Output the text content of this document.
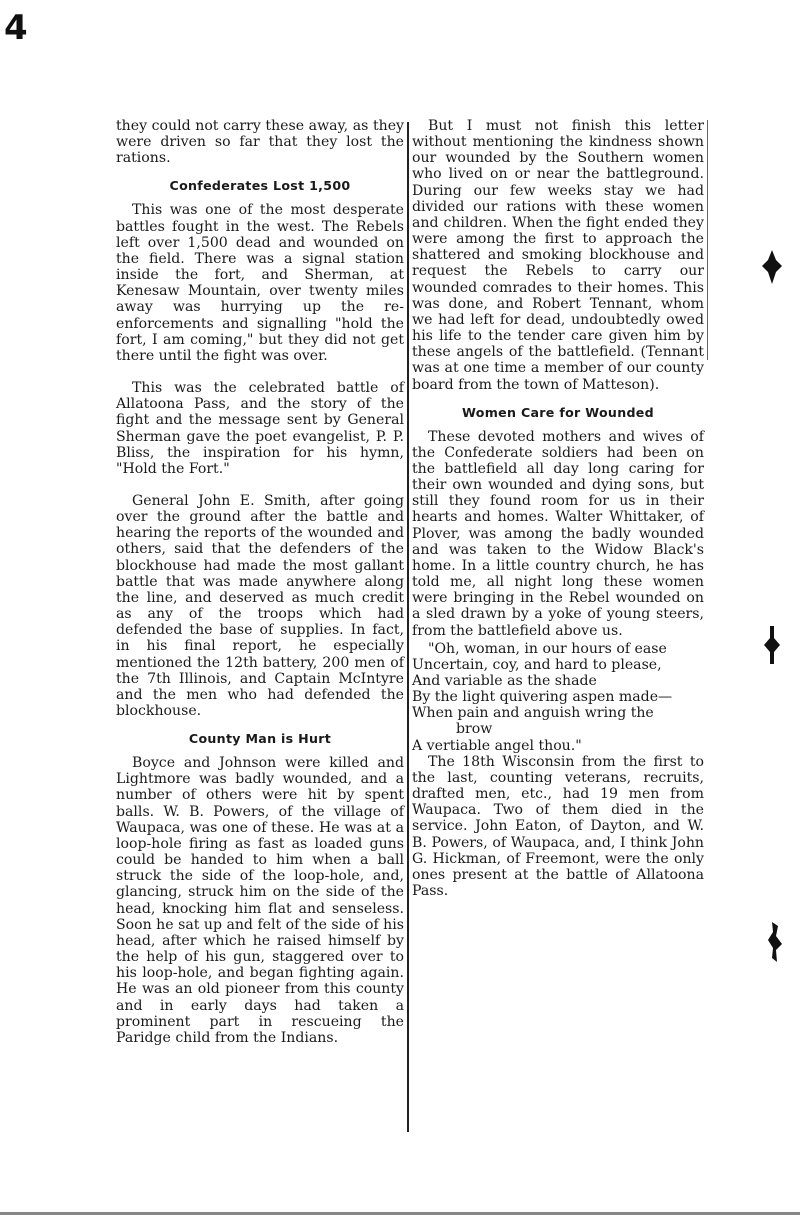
4

they could not carry these away, as they were driven so far that they lost the rations.

Confederates Lost 1,500

This was one of the most desperate battles fought in the west. The Rebels left over 1,500 dead and wounded on the field. There was a signal station inside the fort, and Sherman, at Kenesaw Mountain, over twenty miles away was hurrying up the re-enforcements and signalling "hold the fort, I am coming," but they did not get there until the fight was over.

This was the celebrated battle of Allatoona Pass, and the story of the fight and the message sent by General Sherman gave the poet evangelist, P. P. Bliss, the inspiration for his hymn, "Hold the Fort."

General John E. Smith, after going over the ground after the battle and hearing the reports of the wounded and others, said that the defenders of the blockhouse had made the most gallant battle that was made anywhere along the line, and deserved as much credit as any of the troops which had defended the base of supplies. In fact, in his final report, he especially mentioned the 12th battery, 200 men of the 7th Illinois, and Captain McIntyre and the men who had defended the blockhouse.

County Man is Hurt

Boyce and Johnson were killed and Lightmore was badly wounded, and a number of others were hit by spent balls. W. B. Powers, of the village of Waupaca, was one of these. He was at a loop-hole firing as fast as loaded guns could be handed to him when a ball struck the side of the loop-hole, and, glancing, struck him on the side of the head, knocking him flat and senseless. Soon he sat up and felt of the side of his head, after which he raised himself by the help of his gun, staggered over to his loop-hole, and began fighting again. He was an old pioneer from this county and in early days had taken a prominent part in rescueing the Paridge child from the Indians.

But I must not finish this letter without mentioning the kindness shown our wounded by the Southern women who lived on or near the battleground. During our few weeks stay we had divided our rations with these women and children. When the fight ended they were among the first to approach the shattered and smoking blockhouse and request the Rebels to carry our wounded comrades to their homes. This was done, and Robert Tennant, whom we had left for dead, undoubtedly owed his life to the tender care given him by these angels of the battlefield. (Tennant was at one time a member of our county board from the town of Matteson).

Women Care for Wounded

These devoted mothers and wives of the Confederate soldiers had been on the battlefield all day long caring for their own wounded and dying sons, but still they found room for us in their hearts and homes. Walter Whittaker, of Plover, was among the badly wounded and was taken to the Widow Black's home. In a little country church, he has told me, all night long these women were bringing in the Rebel wounded on a sled drawn by a yoke of young steers, from the battlefield above us.

"Oh, woman, in our hours of ease

Uncertain, coy, and hard to please,

And variable as the shade

By the light quivering aspen made—

When pain and anguish wring the

brow

A vertiable angel thou."

The 18th Wisconsin from the first to the last, counting veterans, recruits, drafted men, etc., had 19 men from Waupaca. Two of them died in the service. John Eaton, of Dayton, and W. B. Powers, of Waupaca, and, I think John G. Hickman, of Freemont, were the only ones present at the battle of Allatoona Pass.
